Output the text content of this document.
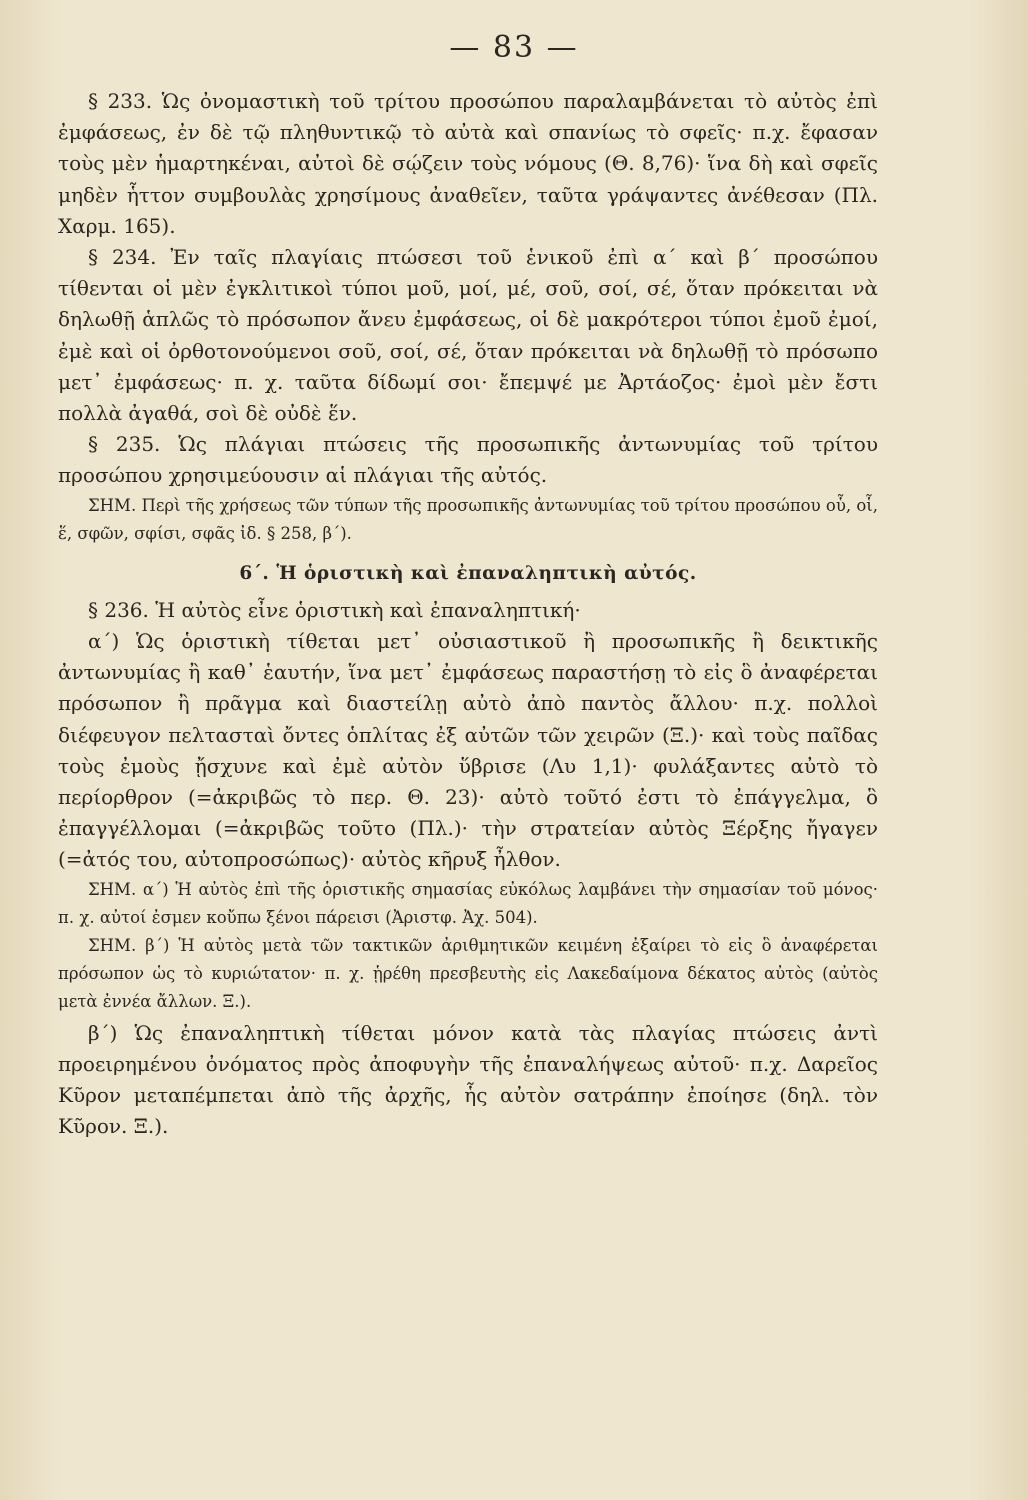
— 83 —

§ 233. Ὡς ὀνομαστικὴ τοῦ τρίτου προσώπου παραλαμβάνεται τὸ αὐτὸς ἐπὶ ἐμφάσεως, ἐν δὲ τῷ πληθυντικῷ τὸ αὐτὰ καὶ σπανίως τὸ σφεῖς· π.χ. ἔφασαν τοὺς μὲν ἡμαρτηκέναι, αὐτοὶ δὲ σῴζειν τοὺς νόμους (Θ. 8,76)· ἵνα δὴ καὶ σφεῖς μηδὲν ἧττον συμβουλὰς χρησίμους ἀναθεῖεν, ταῦτα γράψαντες ἀνέθεσαν (Πλ. Χαρμ. 165).

§ 234. Ἐν ταῖς πλαγίαις πτώσεσι τοῦ ἑνικοῦ ἐπὶ α΄ καὶ β΄ προσώπου τίθενται οἱ μὲν ἐγκλιτικοὶ τύποι μοῦ, μοί, μέ, σοῦ, σοί, σέ, ὅταν πρόκειται νὰ δηλωθῇ ἁπλῶς τὸ πρόσωπον ἄνευ ἐμφάσεως, οἱ δὲ μακρότεροι τύποι ἐμοῦ ἐμοί, ἐμὲ καὶ οἱ ὀρθοτονούμενοι σοῦ, σοί, σέ, ὅταν πρόκειται νὰ δηλωθῇ τὸ πρόσωπο μετ᾽ ἐμφάσεως· π. χ. ταῦτα δίδωμί σοι· ἔπεμψέ με Ἀρτάοζος· ἐμοὶ μὲν ἔστι πολλὰ ἀγαθά, σοὶ δὲ οὐδὲ ἕν.

§ 235. Ὡς πλάγιαι πτώσεις τῆς προσωπικῆς ἀντωνυμίας τοῦ τρίτου προσώπου χρησιμεύουσιν αἱ πλάγιαι τῆς αὐτός.

ΣΗΜ. Περὶ τῆς χρήσεως τῶν τύπων τῆς προσωπικῆς ἀντωνυμίας τοῦ τρίτου προσώπου οὗ, οἷ, ἕ, σφῶν, σφίσι, σφᾶς ἰδ. § 258, β΄).

6΄. Ἡ ὁριστικὴ καὶ ἐπαναληπτικὴ αὐτός.

§ 236. Ἡ αὐτὸς εἶνε ὁριστικὴ καὶ ἐπαναληπτική·

α΄) Ὡς ὁριστικὴ τίθεται μετ᾽ οὐσιαστικοῦ ἢ προσωπικῆς ἢ δεικτικῆς ἀντωνυμίας ἢ καθ᾽ ἑαυτήν, ἵνα μετ᾽ ἐμφάσεως παραστήσῃ τὸ εἰς ὃ ἀναφέρεται πρόσωπον ἢ πρᾶγμα καὶ διαστείλῃ αὐτὸ ἀπὸ παντὸς ἄλλου· π.χ. πολλοὶ διέφευγον πελτασταὶ ὄντες ὁπλίτας ἐξ αὐτῶν τῶν χειρῶν (Ξ.)· καὶ τοὺς παῖδας τοὺς ἐμοὺς ᾔσχυνε καὶ ἐμὲ αὐτὸν ὕβρισε (Λυ 1,1)· φυλάξαντες αὐτὸ τὸ περίορθρον (=ἀκριβῶς τὸ περ. Θ. 23)· αὐτὸ τοῦτό ἐστι τὸ ἐπάγγελμα, ὃ ἐπαγγέλλομαι (=ἀκριβῶς τοῦτο (Πλ.)· τὴν στρατείαν αὐτὸς Ξέρξης ἤγαγεν (=ἀτός του, αὐτοπροσώπως)· αὐτὸς κῆρυξ ἦλθον.

ΣΗΜ. α΄) Ἡ αὐτὸς ἐπὶ τῆς ὁριστικῆς σημασίας εὐκόλως λαμβάνει τὴν σημασίαν τοῦ μόνος· π. χ. αὐτοί ἐσμεν κοὔπω ξένοι πάρεισι (Ἀριστφ. Ἀχ. 504).

ΣΗΜ. β΄) Ἡ αὐτὸς μετὰ τῶν τακτικῶν ἀριθμητικῶν κειμένη ἐξαίρει τὸ εἰς ὃ ἀναφέρεται πρόσωπον ὡς τὸ κυριώτατον· π. χ. ᾑρέθη πρεσβευτὴς εἰς Λακεδαίμονα δέκατος αὐτὸς (αὐτὸς μετὰ ἐννέα ἄλλων. Ξ.).

β΄) Ὡς ἐπαναληπτικὴ τίθεται μόνον κατὰ τὰς πλαγίας πτώσεις ἀντὶ προειρημένου ὀνόματος πρὸς ἀποφυγὴν τῆς ἐπαναλήψεως αὐτοῦ· π.χ. Δαρεῖος Κῦρον μεταπέμπεται ἀπὸ τῆς ἀρχῆς, ἧς αὐτὸν σατράπην ἐποίησε (δηλ. τὸν Κῦρον. Ξ.).
